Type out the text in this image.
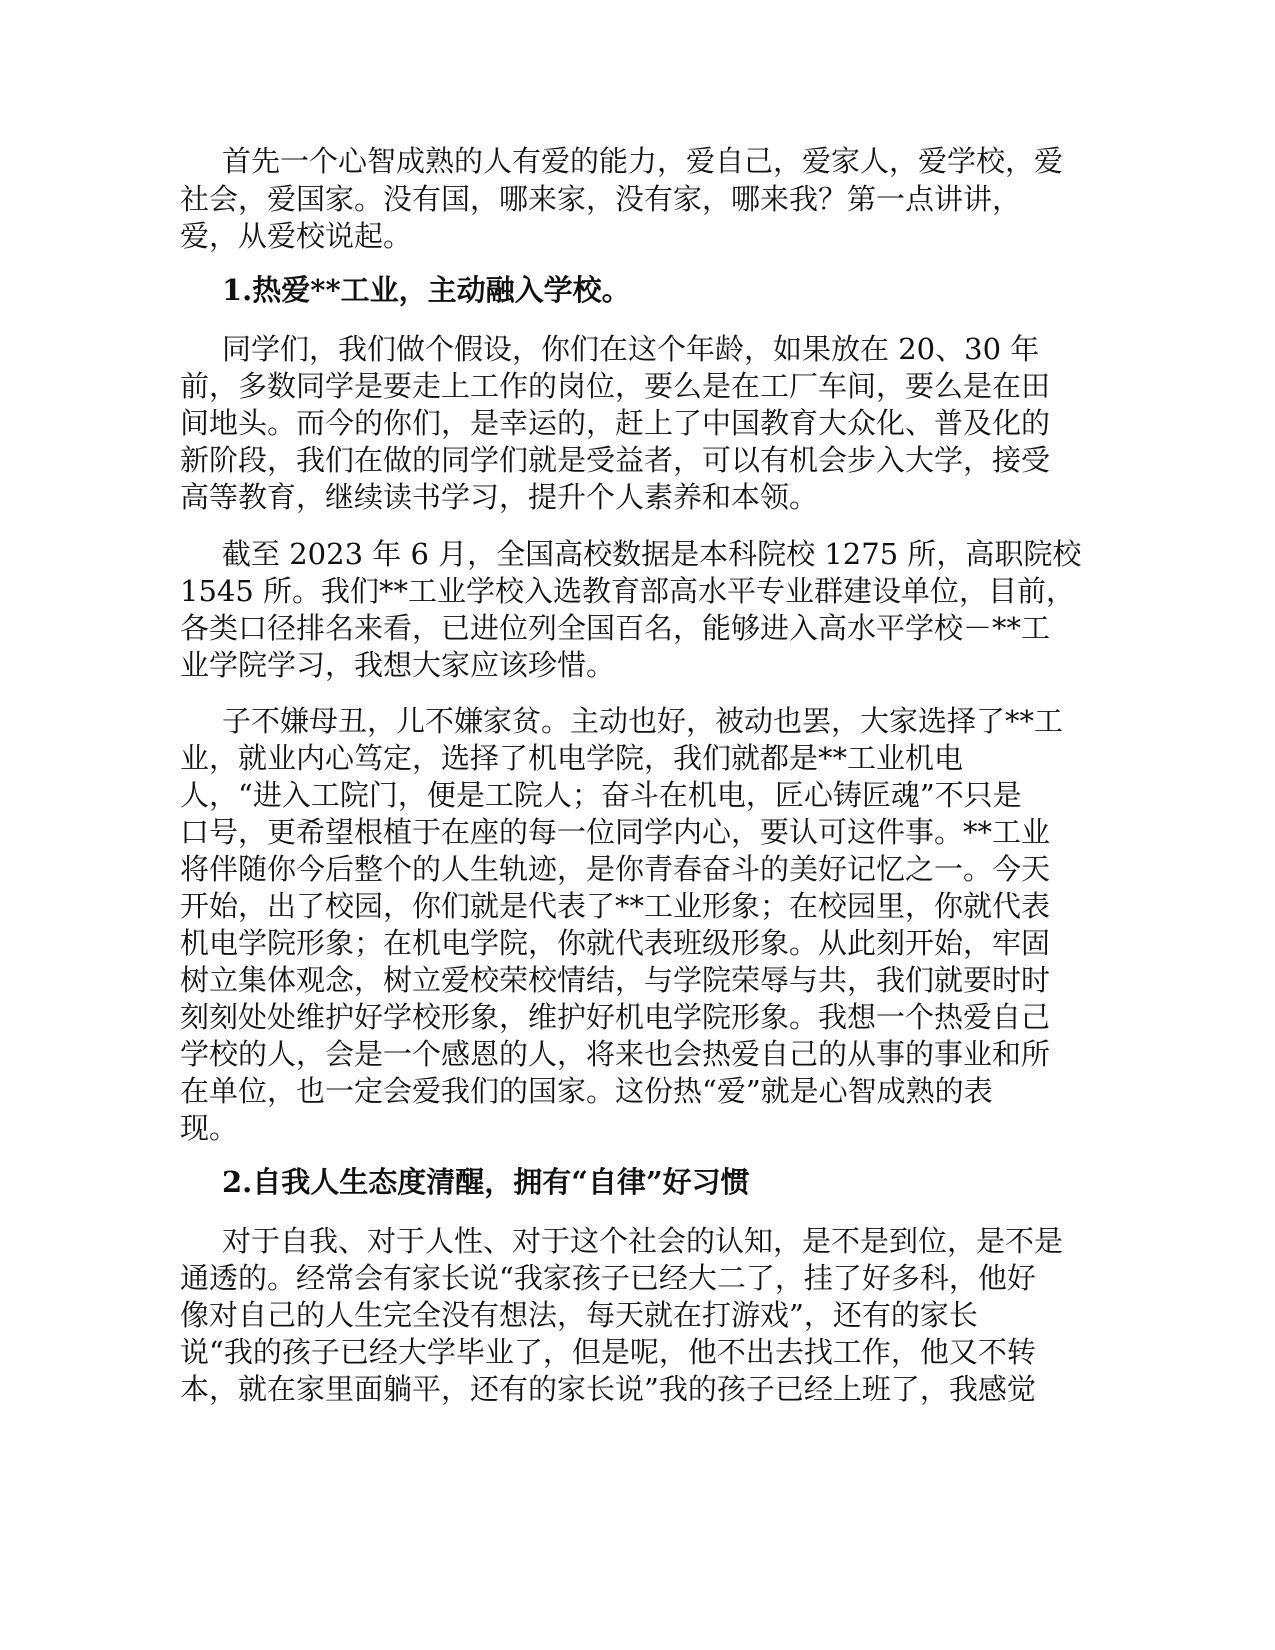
首先一个心智成熟的人有爱的能力，爱自己，爱家人，爱学校，爱

社会，爱国家。没有国，哪来家，没有家，哪来我？第一点讲讲，

爱，从爱校说起。

1.热爱**工业，主动融入学校。

同学们，我们做个假设，你们在这个年龄，如果放在 20、30 年

前，多数同学是要走上工作的岗位，要么是在工厂车间，要么是在田

间地头。而今的你们，是幸运的，赶上了中国教育大众化、普及化的

新阶段，我们在做的同学们就是受益者，可以有机会步入大学，接受

高等教育，继续读书学习，提升个人素养和本领。

截至 2023 年 6 月，全国高校数据是本科院校 1275 所，高职院校

1545 所。我们**工业学校入选教育部高水平专业群建设单位，目前，

各类口径排名来看，已进位列全国百名，能够进入高水平学校－**工

业学院学习，我想大家应该珍惜。

子不嫌母丑，儿不嫌家贫。主动也好，被动也罢，大家选择了**工

业，就业内心笃定，选择了机电学院，我们就都是**工业机电

人，“进入工院门，便是工院人；奋斗在机电，匠心铸匠魂”不只是

口号，更希望根植于在座的每一位同学内心，要认可这件事。**工业

将伴随你今后整个的人生轨迹，是你青春奋斗的美好记忆之一。今天

开始，出了校园，你们就是代表了**工业形象；在校园里，你就代表

机电学院形象；在机电学院，你就代表班级形象。从此刻开始，牢固

树立集体观念，树立爱校荣校情结，与学院荣辱与共，我们就要时时

刻刻处处维护好学校形象，维护好机电学院形象。我想一个热爱自己

学校的人，会是一个感恩的人，将来也会热爱自己的从事的事业和所

在单位，也一定会爱我们的国家。这份热“爱”就是心智成熟的表

现。

2.自我人生态度清醒，拥有“自律”好习惯

对于自我、对于人性、对于这个社会的认知，是不是到位，是不是

通透的。经常会有家长说“我家孩子已经大二了，挂了好多科，他好

像对自己的人生完全没有想法，每天就在打游戏”，还有的家长

说“我的孩子已经大学毕业了，但是呢，他不出去找工作，他又不转

本，就在家里面躺平，还有的家长说”我的孩子已经上班了，我感觉
